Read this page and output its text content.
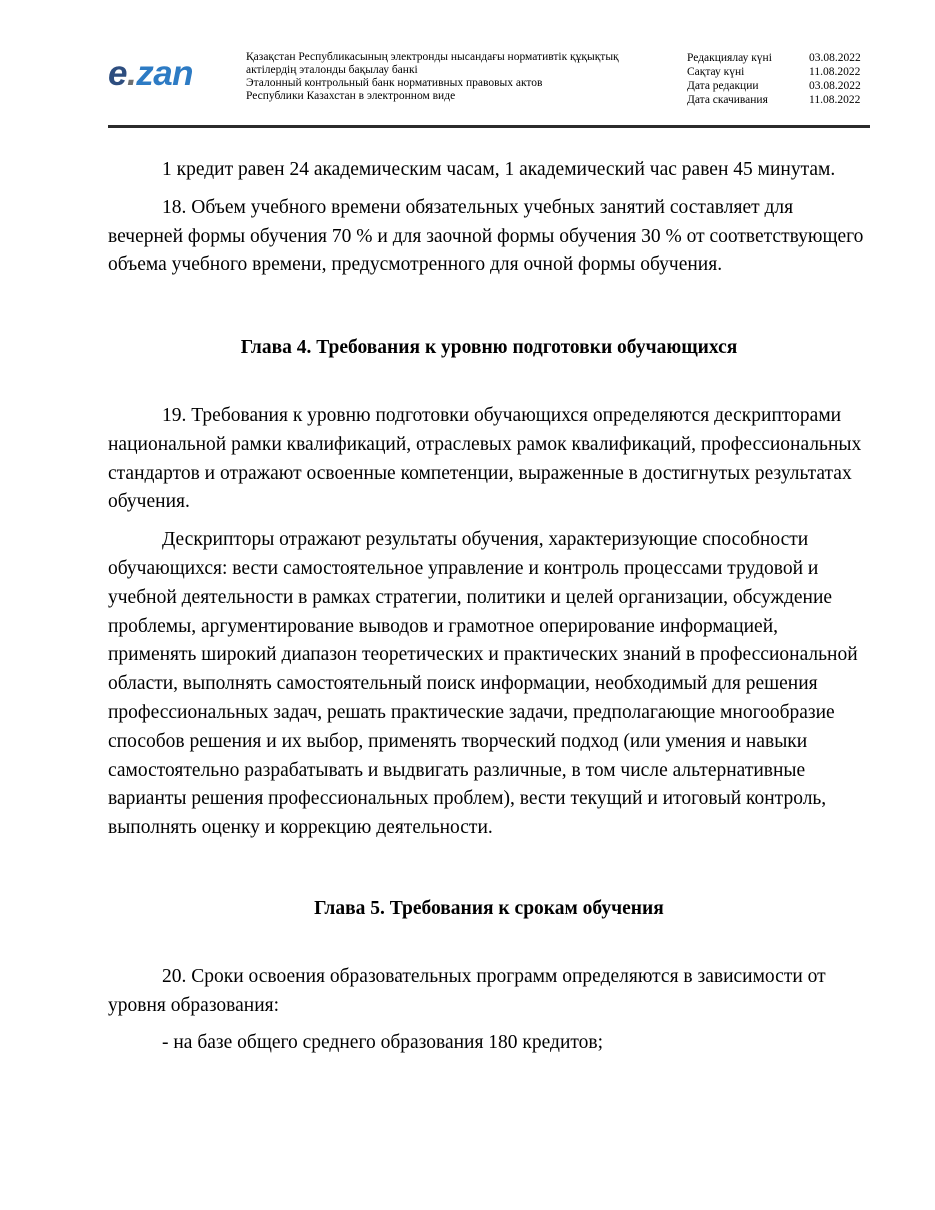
e.zan	Қазақстан Республикасының электронды нысандағы нормативтік құқықтық
актілердің эталонды бақылау банкі
Эталонный контрольный банк нормативных правовых актов
Республики Казахстан в электронном виде
Редакциялау күні	03.08.2022
Сақтау күні	11.08.2022
Дата редакции	03.08.2022
Дата скачивания	11.08.2022

1 кредит равен 24 академическим часам, 1 академический час равен 45 минутам.

18. Объем учебного времени обязательных учебных занятий составляет для вечерней формы обучения 70 % и для заочной формы обучения 30 % от соответствующего объема учебного времени, предусмотренного для очной формы обучения.

Глава 4. Требования к уровню подготовки обучающихся

19. Требования к уровню подготовки обучающихся определяются дескрипторами национальной рамки квалификаций, отраслевых рамок квалификаций, профессиональных стандартов и отражают освоенные компетенции, выраженные в достигнутых результатах обучения.

Дескрипторы отражают результаты обучения, характеризующие способности обучающихся: вести самостоятельное управление и контроль процессами трудовой и учебной деятельности в рамках стратегии, политики и целей организации, обсуждение проблемы, аргументирование выводов и грамотное оперирование информацией, применять широкий диапазон теоретических и практических знаний в профессиональной области, выполнять самостоятельный поиск информации, необходимый для решения профессиональных задач, решать практические задачи, предполагающие многообразие способов решения и их выбор, применять творческий подход (или умения и навыки самостоятельно разрабатывать и выдвигать различные, в том числе альтернативные варианты решения профессиональных проблем), вести текущий и итоговый контроль, выполнять оценку и коррекцию деятельности.

Глава 5. Требования к срокам обучения

20. Сроки освоения образовательных программ определяются в зависимости от уровня образования:

- на базе общего среднего образования 180 кредитов;
